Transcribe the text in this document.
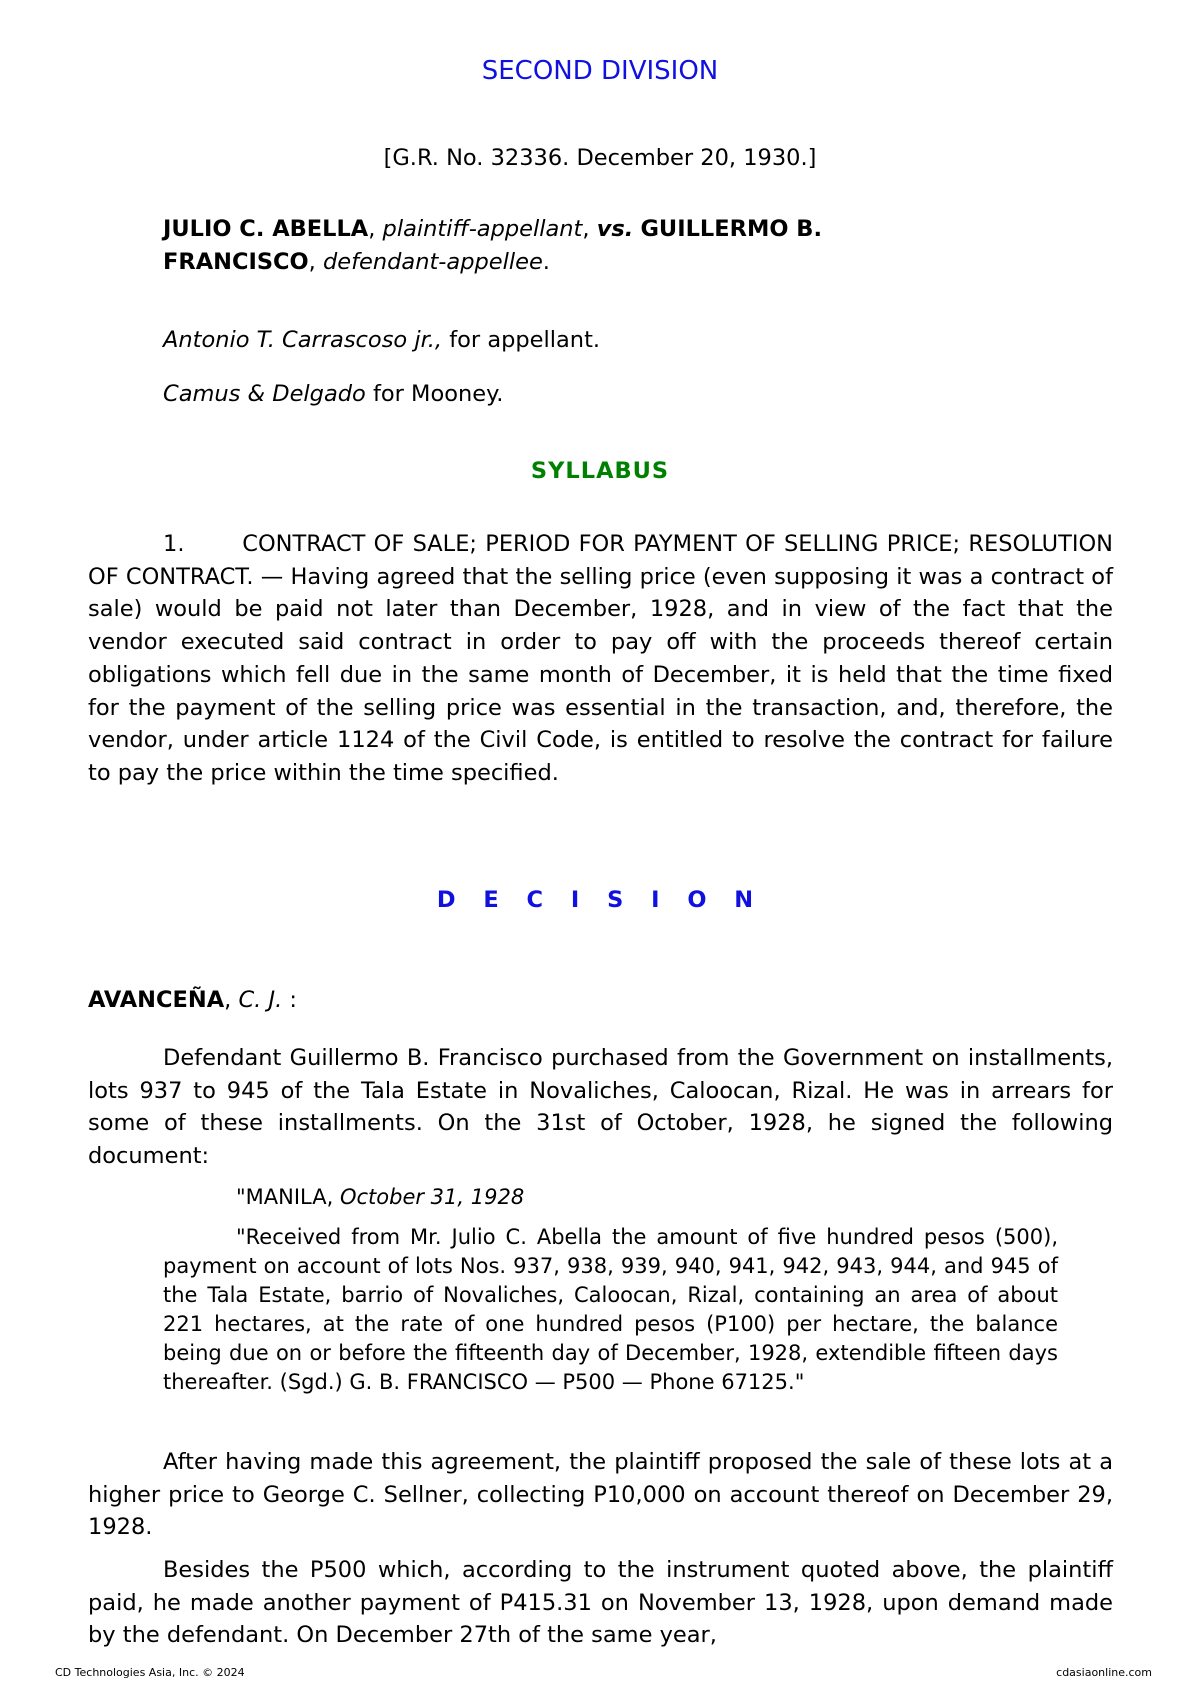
SECOND DIVISION
[G.R. No. 32336. December 20, 1930.]
JULIO C. ABELLA, plaintiff-appellant, vs. GUILLERMO B.
FRANCISCO, defendant-appellee.
Antonio T. Carrascoso jr., for appellant.
Camus & Delgado for Mooney.
SYLLABUS
1.       CONTRACT OF SALE; PERIOD FOR PAYMENT OF SELLING PRICE; RESOLUTION OF CONTRACT. — Having agreed that the selling price (even supposing it was a contract of sale) would be paid not later than December, 1928, and in view of the fact that the vendor executed said contract in order to pay off with the proceeds thereof certain obligations which fell due in the same month of December, it is held that the time fixed for the payment of the selling price was essential in the transaction, and, therefore, the vendor, under article 1124 of the Civil Code, is entitled to resolve the contract for failure to pay the price within the time specified.
D E C I S I O N
AVANCEÑA, C. J. :
Defendant Guillermo B. Francisco purchased from the Government on installments, lots 937 to 945 of the Tala Estate in Novaliches, Caloocan, Rizal. He was in arrears for some of these installments. On the 31st of October, 1928, he signed the following document:
"MANILA, October 31, 1928
"Received from Mr. Julio C. Abella the amount of five hundred pesos (500), payment on account of lots Nos. 937, 938, 939, 940, 941, 942, 943, 944, and 945 of the Tala Estate, barrio of Novaliches, Caloocan, Rizal, containing an area of about 221 hectares, at the rate of one hundred pesos (P100) per hectare, the balance being due on or before the fifteenth day of December, 1928, extendible fifteen days thereafter. (Sgd.) G. B. FRANCISCO — P500 — Phone 67125."
After having made this agreement, the plaintiff proposed the sale of these lots at a higher price to George C. Sellner, collecting P10,000 on account thereof on December 29, 1928.
Besides the P500 which, according to the instrument quoted above, the plaintiff paid, he made another payment of P415.31 on November 13, 1928, upon demand made by the defendant. On December 27th of the same year,
CD Technologies Asia, Inc. © 2024	cdasiaonline.com
